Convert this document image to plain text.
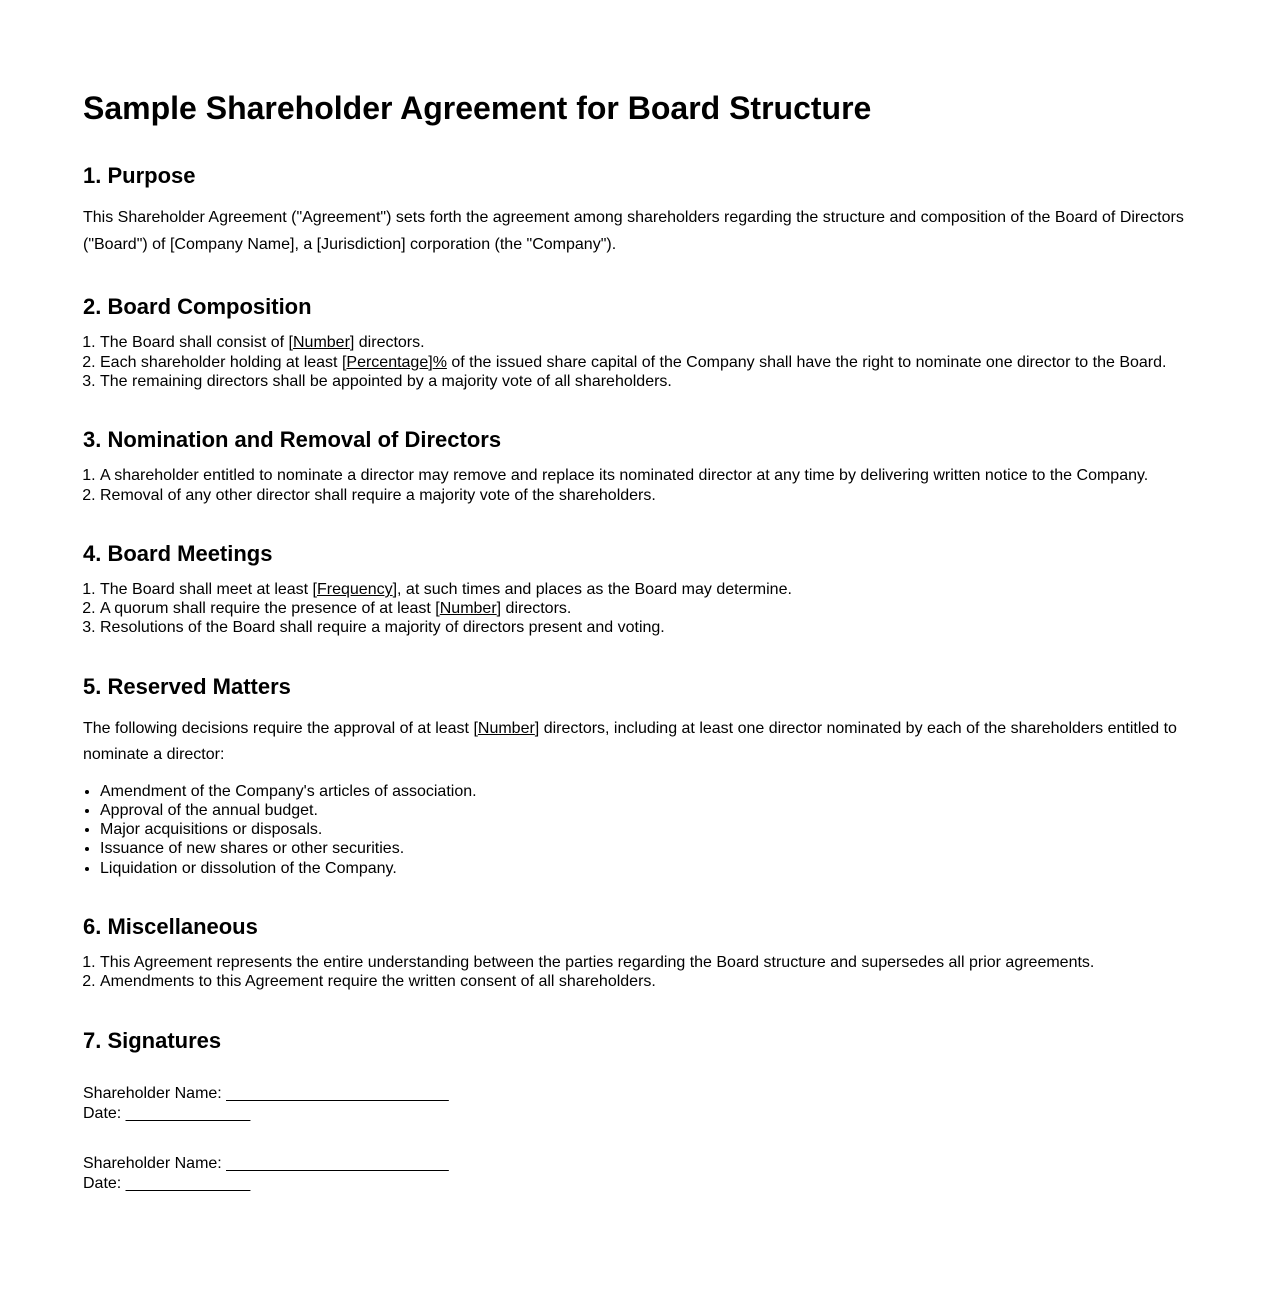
Sample Shareholder Agreement for Board Structure
1. Purpose

This Shareholder Agreement ("Agreement") sets forth the agreement among shareholders regarding the structure and composition of the Board of Directors ("Board") of [Company Name], a [Jurisdiction] corporation (the "Company").

2. Board Composition
1. The Board shall consist of [Number] directors.
2. Each shareholder holding at least [Percentage]% of the issued share capital of the Company shall have the right to nominate one director to the Board.
3. The remaining directors shall be appointed by a majority vote of all shareholders.
3. Nomination and Removal of Directors
1. A shareholder entitled to nominate a director may remove and replace its nominated director at any time by delivering written notice to the Company.
2. Removal of any other director shall require a majority vote of the shareholders.
4. Board Meetings
1. The Board shall meet at least [Frequency], at such times and places as the Board may determine.
2. A quorum shall require the presence of at least [Number] directors.
3. Resolutions of the Board shall require a majority of directors present and voting.
5. Reserved Matters

The following decisions require the approval of at least [Number] directors, including at least one director nominated by each of the shareholders entitled to nominate a director:

• Amendment of the Company's articles of association.
• Approval of the annual budget.
• Major acquisitions or disposals.
• Issuance of new shares or other securities.
• Liquidation or dissolution of the Company.
6. Miscellaneous
1. This Agreement represents the entire understanding between the parties regarding the Board structure and supersedes all prior agreements.
2. Amendments to this Agreement require the written consent of all shareholders.
7. Signatures
Shareholder Name: _________________________
Date: ______________
Shareholder Name: _________________________
Date: ______________
